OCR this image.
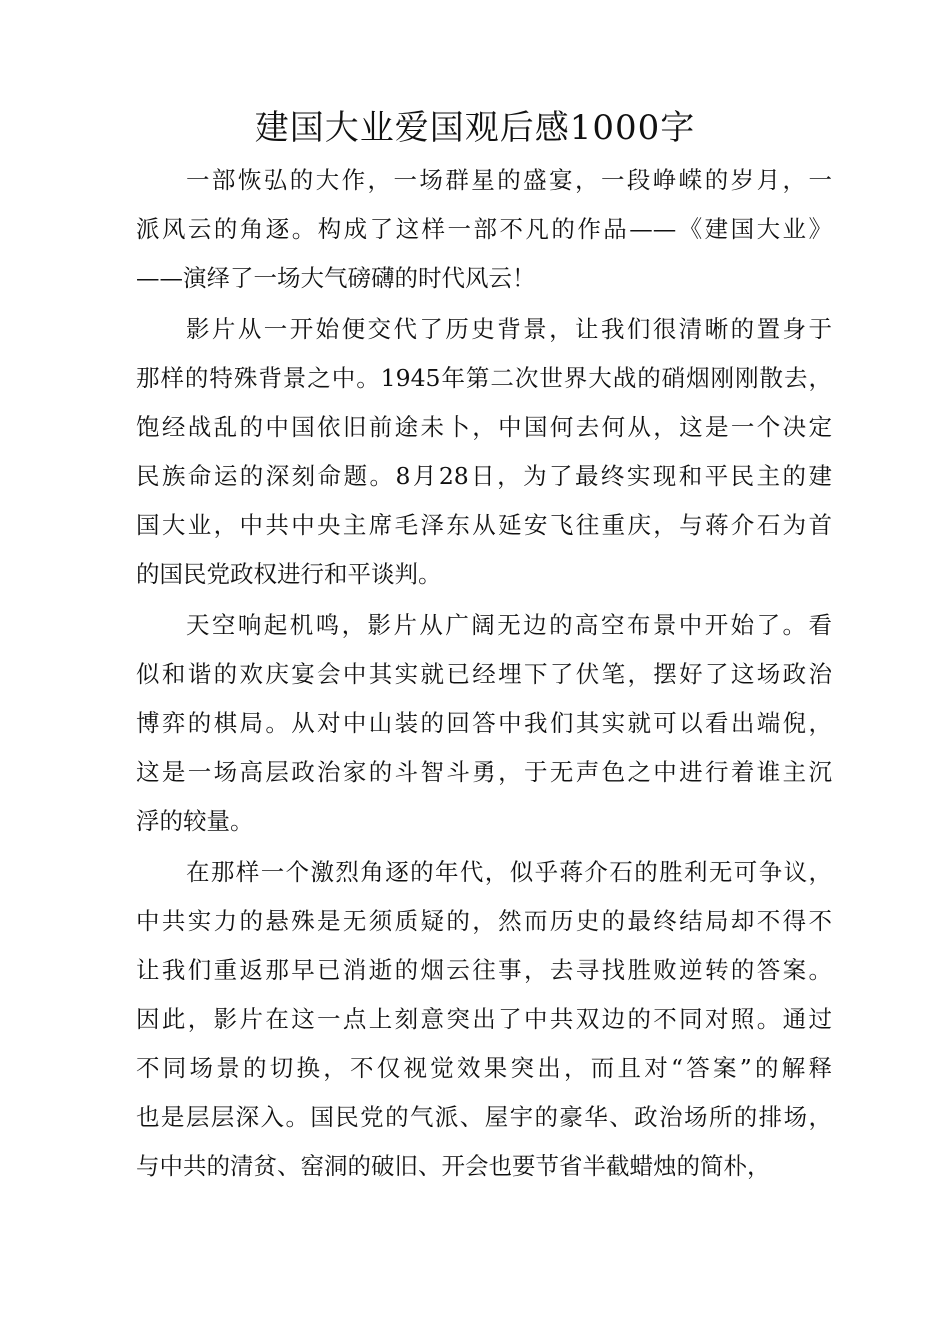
建国大业爱国观后感1000字
一部恢弘的大作，一场群星的盛宴，一段峥嵘的岁月，一
派风云的角逐。构成了这样一部不凡的作品——《建国大业》
——演绎了一场大气磅礴的时代风云！
影片从一开始便交代了历史背景，让我们很清晰的置身于
那样的特殊背景之中。1945年第二次世界大战的硝烟刚刚散去，
饱经战乱的中国依旧前途未卜，中国何去何从，这是一个决定
民族命运的深刻命题。8月28日，为了最终实现和平民主的建
国大业，中共中央主席毛泽东从延安飞往重庆，与蒋介石为首
的国民党政权进行和平谈判。
天空响起机鸣，影片从广阔无边的高空布景中开始了。看
似和谐的欢庆宴会中其实就已经埋下了伏笔，摆好了这场政治
博弈的棋局。从对中山装的回答中我们其实就可以看出端倪，
这是一场高层政治家的斗智斗勇，于无声色之中进行着谁主沉
浮的较量。
在那样一个激烈角逐的年代，似乎蒋介石的胜利无可争议，
中共实力的悬殊是无须质疑的，然而历史的最终结局却不得不
让我们重返那早已消逝的烟云往事，去寻找胜败逆转的答案。
因此，影片在这一点上刻意突出了中共双边的不同对照。通过
不同场景的切换，不仅视觉效果突出，而且对“答案”的解释
也是层层深入。国民党的气派、屋宇的豪华、政治场所的排场，
与中共的清贫、窑洞的破旧、开会也要节省半截蜡烛的简朴，
